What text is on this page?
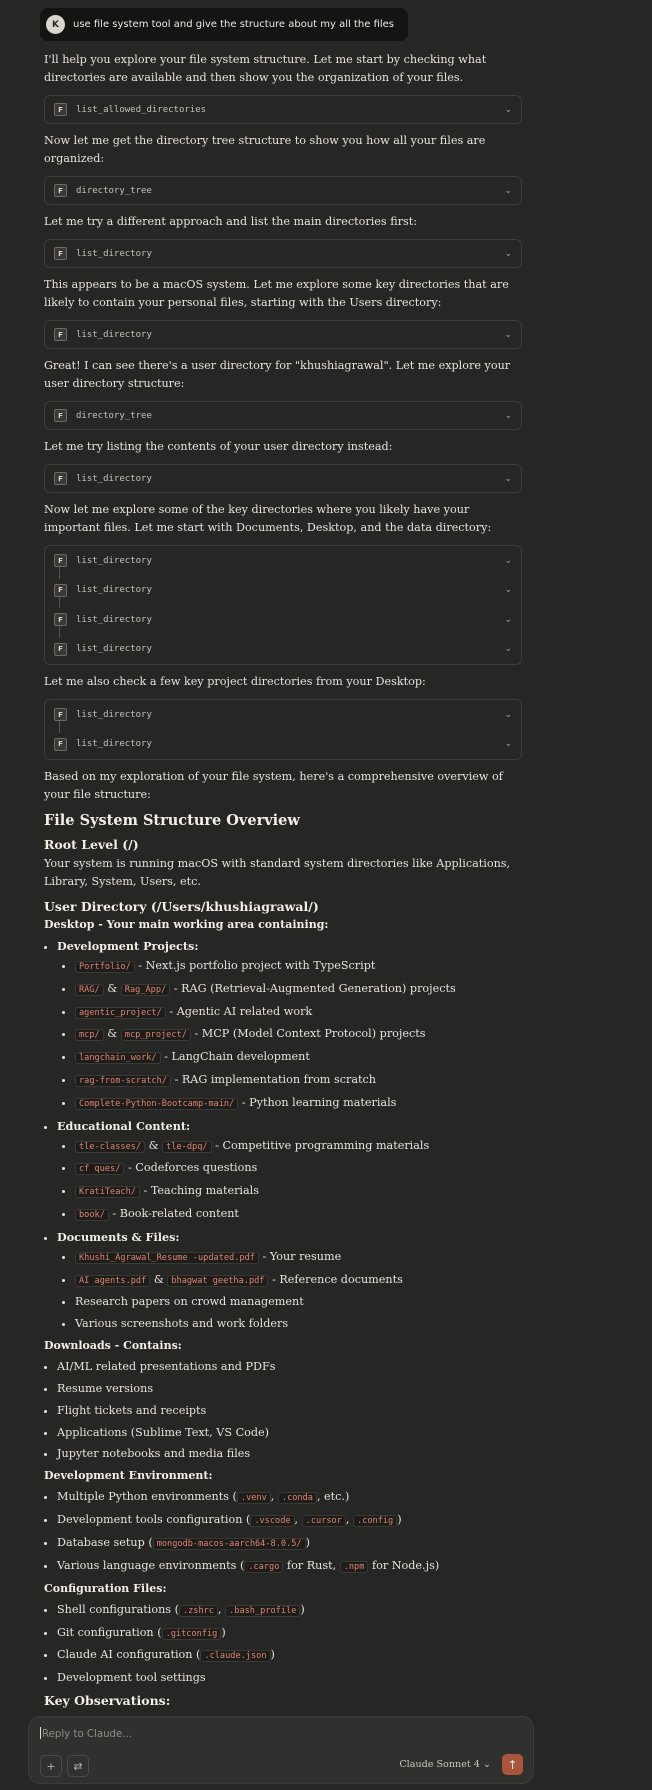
K	use file system tool and give the structure about my all the files

I'll help you explore your file system structure. Let me start by checking what directories are available and then show you the organization of your files.

F	list_allowed_directories	⌄

Now let me get the directory tree structure to show you how all your files are organized:

F	directory_tree	⌄

Let me try a different approach and list the main directories first:

F	list_directory	⌄

This appears to be a macOS system. Let me explore some key directories that are likely to contain your personal files, starting with the Users directory:

F	list_directory	⌄

Great! I can see there's a user directory for "khushiagrawal". Let me explore your user directory structure:

F	directory_tree	⌄

Let me try listing the contents of your user directory instead:

F	list_directory	⌄

Now let me explore some of the key directories where you likely have your important files. Let me start with Documents, Desktop, and the data directory:

F	list_directory	⌄
F	list_directory	⌄
F	list_directory	⌄
F	list_directory	⌄

Let me also check a few key project directories from your Desktop:

F	list_directory	⌄
F	list_directory	⌄

Based on my exploration of your file system, here's a comprehensive overview of your file structure:

File System Structure Overview
Root Level (/)

Your system is running macOS with standard system directories like Applications, Library, System, Users, etc.

User Directory (/Users/khushiagrawal/)
Desktop - Your main working area containing:
• Development Projects:
• Portfolio/ - Next.js portfolio project with TypeScript
• RAG/ & Rag_App/ - RAG (Retrieval-Augmented Generation) projects
• agentic_project/ - Agentic AI related work
• mcp/ & mcp_project/ - MCP (Model Context Protocol) projects
• langchain_work/ - LangChain development
• rag-from-scratch/ - RAG implementation from scratch
• Complete-Python-Bootcamp-main/ - Python learning materials
• Educational Content:
• tle-classes/ & tle-dpq/ - Competitive programming materials
• cf ques/ - Codeforces questions
• KratiTeach/ - Teaching materials
• book/ - Book-related content
• Documents & Files:
• Khushi_Agrawal_Resume -updated.pdf - Your resume
• AI agents.pdf & bhagwat geetha.pdf - Reference documents
• Research papers on crowd management
• Various screenshots and work folders
Downloads - Contains:
• AI/ML related presentations and PDFs
• Resume versions
• Flight tickets and receipts
• Applications (Sublime Text, VS Code)
• Jupyter notebooks and media files
Development Environment:
• Multiple Python environments ( .venv , .conda , etc.)
• Development tools configuration ( .vscode , .cursor , .config )
• Database setup ( mongodb-macos-aarch64-8.0.5/ )
• Various language environments ( .cargo for Rust, .npm for Node.js)
Configuration Files:
• Shell configurations ( .zshrc , .bash_profile )
• Git configuration ( .gitconfig )
• Claude AI configuration ( .claude.json )
• Development tool settings
Key Observations:
Reply to Claude...
+	⇄	Claude Sonnet 4 ⌄	↑
